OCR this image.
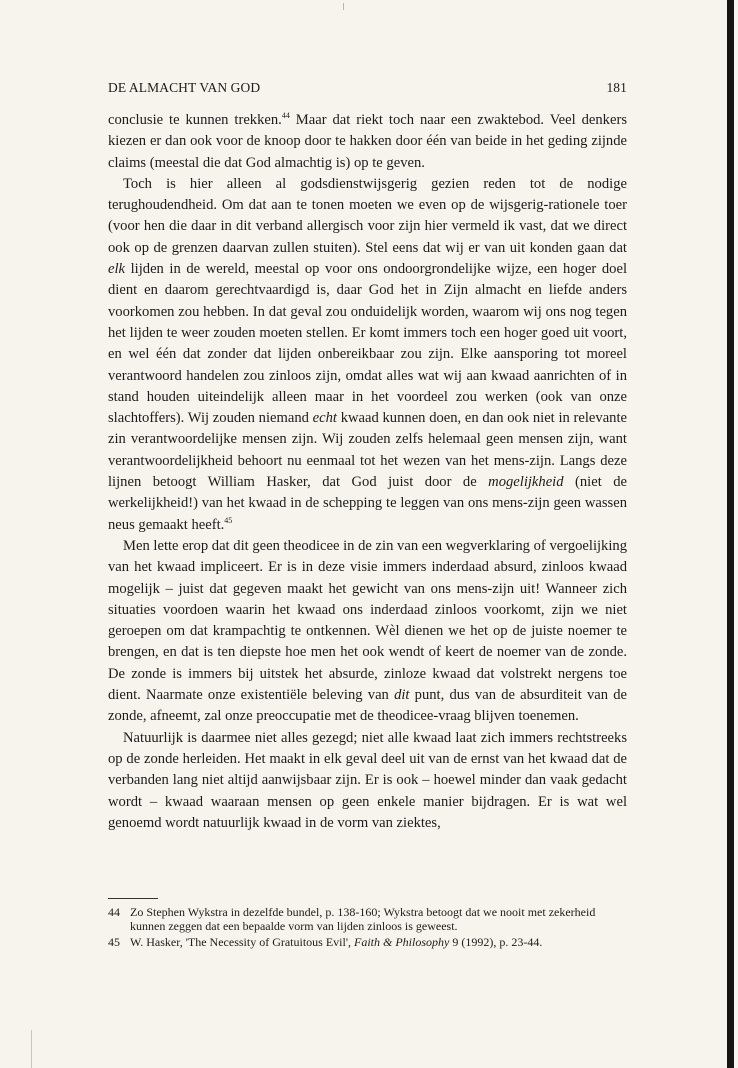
DE ALMACHT VAN GOD	181

conclusie te kunnen trekken.$^{44}$ Maar dat riekt toch naar een zwaktebod. Veel denkers kiezen er dan ook voor de knoop door te hakken door één van beide in het geding zijnde claims (meestal die dat God almachtig is) op te geven.

Toch is hier alleen al godsdienstwijsgerig gezien reden tot de nodige terughoudendheid. Om dat aan te tonen moeten we even op de wijsgerig-rationele toer (voor hen die daar in dit verband allergisch voor zijn hier vermeld ik vast, dat we direct ook op de grenzen daarvan zullen stuiten). Stel eens dat wij er van uit konden gaan dat elk lijden in de wereld, meestal op voor ons ondoorgrondelijke wijze, een hoger doel dient en daarom gerechtvaardigd is, daar God het in Zijn almacht en liefde anders voorkomen zou hebben. In dat geval zou onduidelijk worden, waarom wij ons nog tegen het lijden te weer zouden moeten stellen. Er komt immers toch een hoger goed uit voort, en wel één dat zonder dat lijden onbereikbaar zou zijn. Elke aansporing tot moreel verantwoord handelen zou zinloos zijn, omdat alles wat wij aan kwaad aanrichten of in stand houden uiteindelijk alleen maar in het voordeel zou werken (ook van onze slachtoffers). Wij zouden niemand echt kwaad kunnen doen, en dan ook niet in relevante zin verantwoordelijke mensen zijn. Wij zouden zelfs helemaal geen mensen zijn, want verantwoordelijkheid behoort nu eenmaal tot het wezen van het mens-zijn. Langs deze lijnen betoogt William Hasker, dat God juist door de mogelijkheid (niet de werkelijkheid!) van het kwaad in de schepping te leggen van ons mens-zijn geen wassen neus gemaakt heeft.$^{45}$

Men lette erop dat dit geen theodicee in de zin van een wegverklaring of vergoelijking van het kwaad impliceert. Er is in deze visie immers inderdaad absurd, zinloos kwaad mogelijk – juist dat gegeven maakt het gewicht van ons mens-zijn uit! Wanneer zich situaties voordoen waarin het kwaad ons inderdaad zinloos voorkomt, zijn we niet geroepen om dat krampachtig te ontkennen. Wèl dienen we het op de juiste noemer te brengen, en dat is ten diepste hoe men het ook wendt of keert de noemer van de zonde. De zonde is immers bij uitstek het absurde, zinloze kwaad dat volstrekt nergens toe dient. Naarmate onze existentiële beleving van dit punt, dus van de absurditeit van de zonde, afneemt, zal onze preoccupatie met de theodicee-vraag blijven toenemen.

Natuurlijk is daarmee niet alles gezegd; niet alle kwaad laat zich immers rechtstreeks op de zonde herleiden. Het maakt in elk geval deel uit van de ernst van het kwaad dat de verbanden lang niet altijd aanwijsbaar zijn. Er is ook – hoewel minder dan vaak gedacht wordt – kwaad waaraan mensen op geen enkele manier bijdragen. Er is wat wel genoemd wordt natuurlijk kwaad in de vorm van ziektes,

44 Zo Stephen Wykstra in dezelfde bundel, p. 138-160; Wykstra betoogt dat we nooit met zekerheid kunnen zeggen dat een bepaalde vorm van lijden zinloos is geweest.
45 W. Hasker, 'The Necessity of Gratuitous Evil', Faith & Philosophy 9 (1992), p. 23-44.
